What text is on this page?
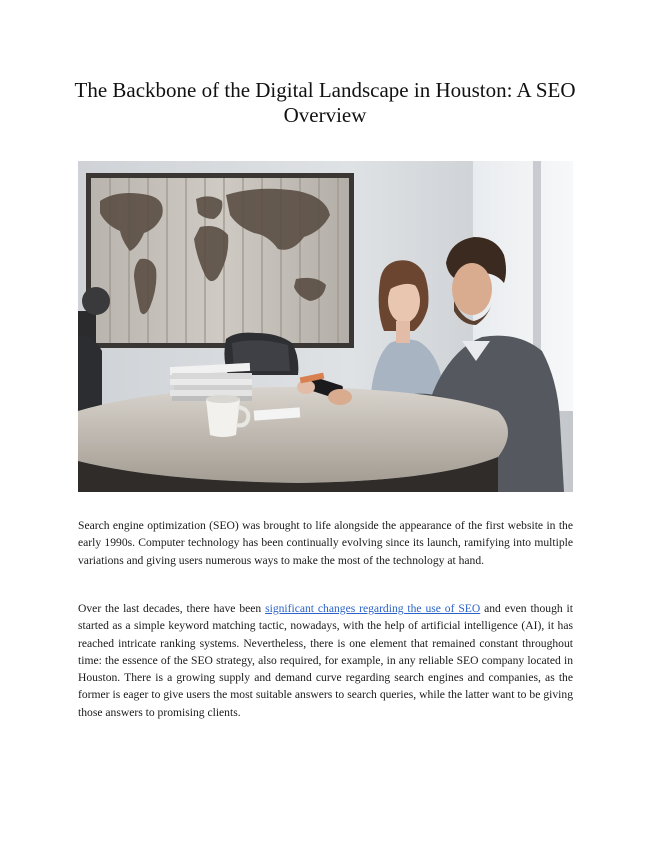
The Backbone of the Digital Landscape in Houston: A SEO Overview

Search engine optimization (SEO) was brought to life alongside the appearance of the first website in the early 1990s. Computer technology has been continually evolving since its launch, ramifying into multiple variations and giving users numerous ways to make the most of the technology at hand.

Over the last decades, there have been significant changes regarding the use of SEO and even though it started as a simple keyword matching tactic, nowadays, with the help of artificial intelligence (AI), it has reached intricate ranking systems. Nevertheless, there is one element that remained constant throughout time: the essence of the SEO strategy, also required, for example, in any reliable SEO company located in Houston. There is a growing supply and demand curve regarding search engines and companies, as the former is eager to give users the most suitable answers to search queries, while the latter want to be giving those answers to promising clients.
